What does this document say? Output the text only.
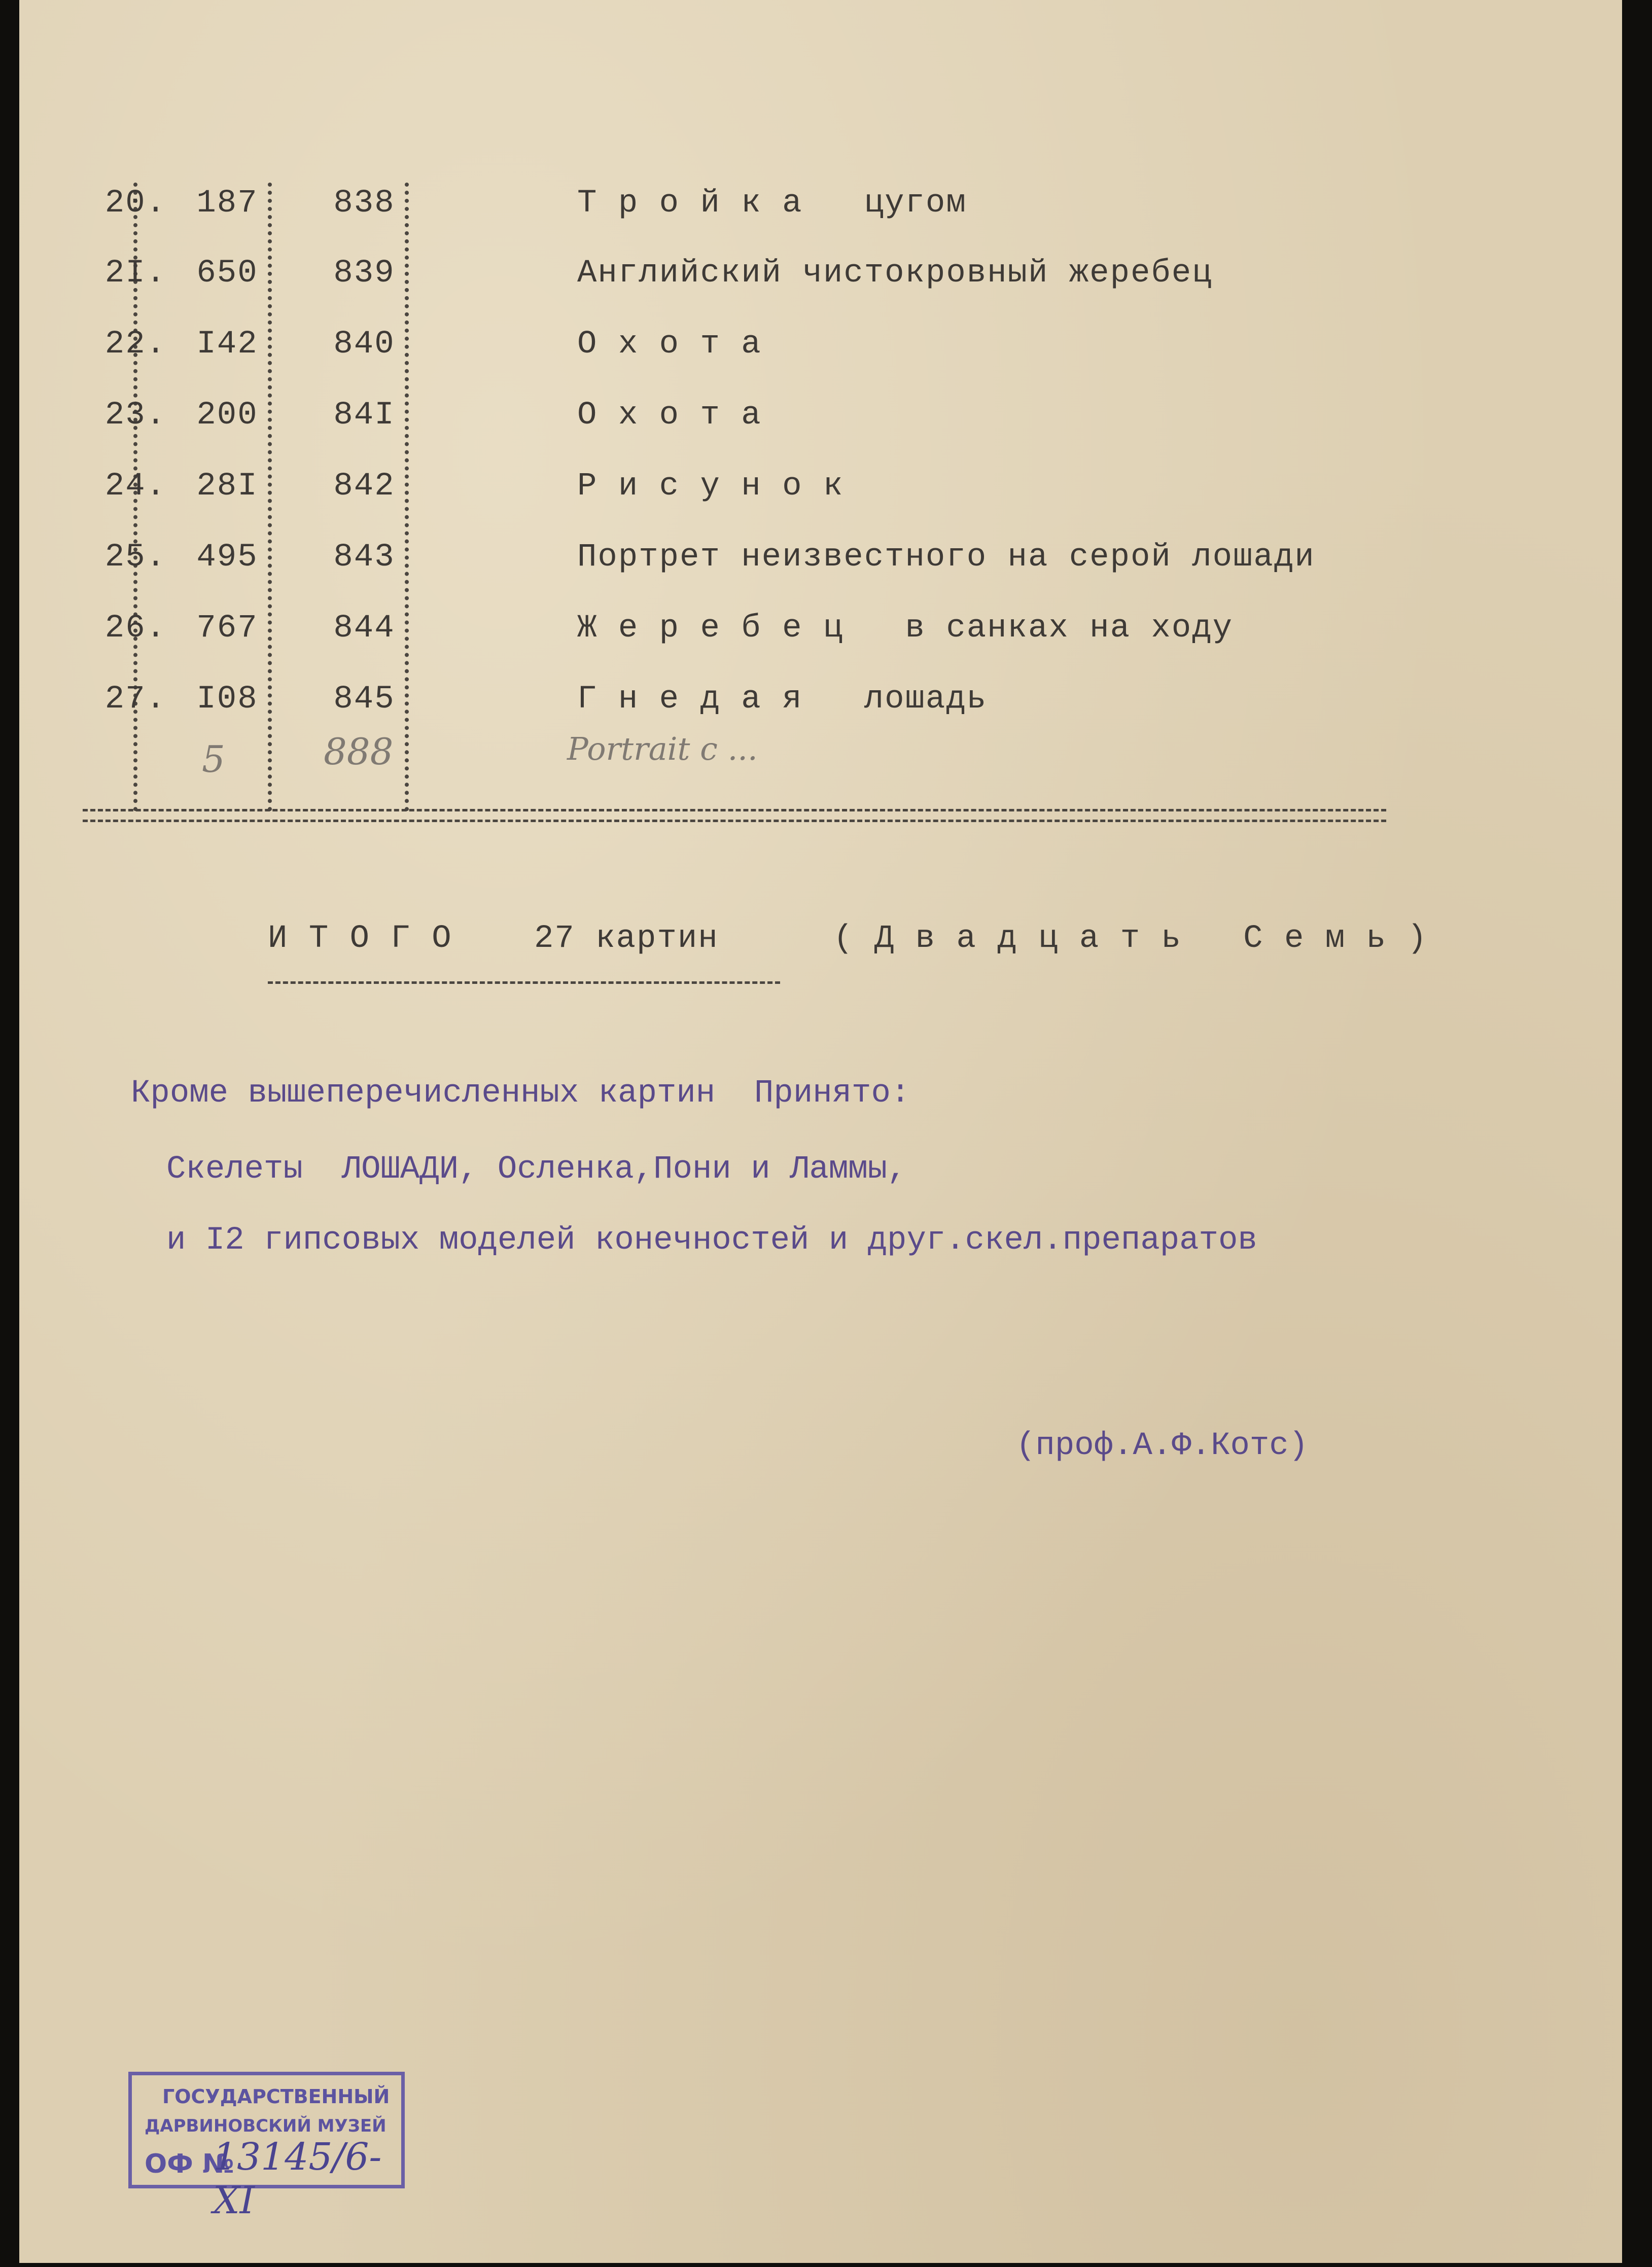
20. 187 838	Т р о й к а   цугом
2I. 650 839	Английский чистокровный жеребец
22. I42 840	О х о т а
23. 200 84I	О х о т а
24. 28I 842	Р и с у н о к
25. 495 843	Портрет неизвестного на серой лошади
26. 767 844	Ж е р е б е ц   в санках на ходу
27. I08 845	Г н е д а я   лошадь
5	888	Portrait с ...
И Т О Г О	27 картин	( Д в а д ц а т ь   С е м ь )
Кроме вышеперечисленных картин  Принято:
Скелеты  ЛОШАДИ, Осленка,Пони и Ламмы,
и I2 гипсовых моделей конечностей и друг.скел.препаратов
(проф.А.Ф.Котс)
ГОСУДАРСТВЕННЫЙ
ДАРВИНОВСКИЙ МУЗЕЙ
ОФ №
13145/6-XI
